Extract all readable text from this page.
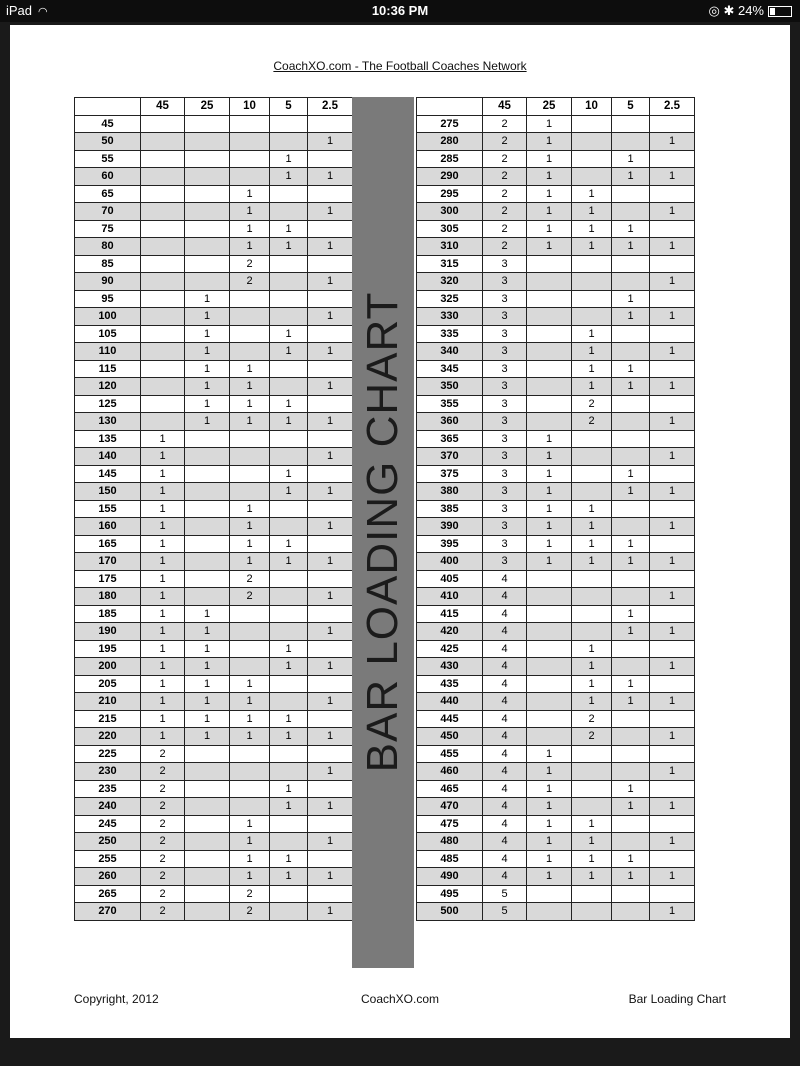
iPad ◠	10:36 PM	◎ ✱ 24%
CoachXO.com - The Football Coaches Network
	45	25	10	5	2.5
45					
50					1
55				1	
60				1	1
65			1		
70			1		1
75			1	1	
80			1	1	1
85			2		
90			2		1
95		1			
100		1			1
105		1		1	
110		1		1	1
115		1	1		
120		1	1		1
125		1	1	1	
130		1	1	1	1
135	1				
140	1				1
145	1			1	
150	1			1	1
155	1		1		
160	1		1		1
165	1		1	1	
170	1		1	1	1
175	1		2		
180	1		2		1
185	1	1			
190	1	1			1
195	1	1		1	
200	1	1		1	1
205	1	1	1		
210	1	1	1		1
215	1	1	1	1	
220	1	1	1	1	1
225	2				
230	2				1
235	2			1	
240	2			1	1
245	2		1		
250	2		1		1
255	2		1	1	
260	2		1	1	1
265	2		2		
270	2		2		1
BAR LOADING CHART
	45	25	10	5	2.5
275	2	1			
280	2	1			1
285	2	1		1	
290	2	1		1	1
295	2	1	1		
300	2	1	1		1
305	2	1	1	1	
310	2	1	1	1	1
315	3				
320	3				1
325	3			1	
330	3			1	1
335	3		1		
340	3		1		1
345	3		1	1	
350	3		1	1	1
355	3		2		
360	3		2		1
365	3	1			
370	3	1			1
375	3	1		1	
380	3	1		1	1
385	3	1	1		
390	3	1	1		1
395	3	1	1	1	
400	3	1	1	1	1
405	4				
410	4				1
415	4			1	
420	4			1	1
425	4		1		
430	4		1		1
435	4		1	1	
440	4		1	1	1
445	4		2		
450	4		2		1
455	4	1			
460	4	1			1
465	4	1		1	
470	4	1		1	1
475	4	1	1		
480	4	1	1		1
485	4	1	1	1	
490	4	1	1	1	1
495	5				
500	5				1
Copyright, 2012	CoachXO.com	Bar Loading Chart
